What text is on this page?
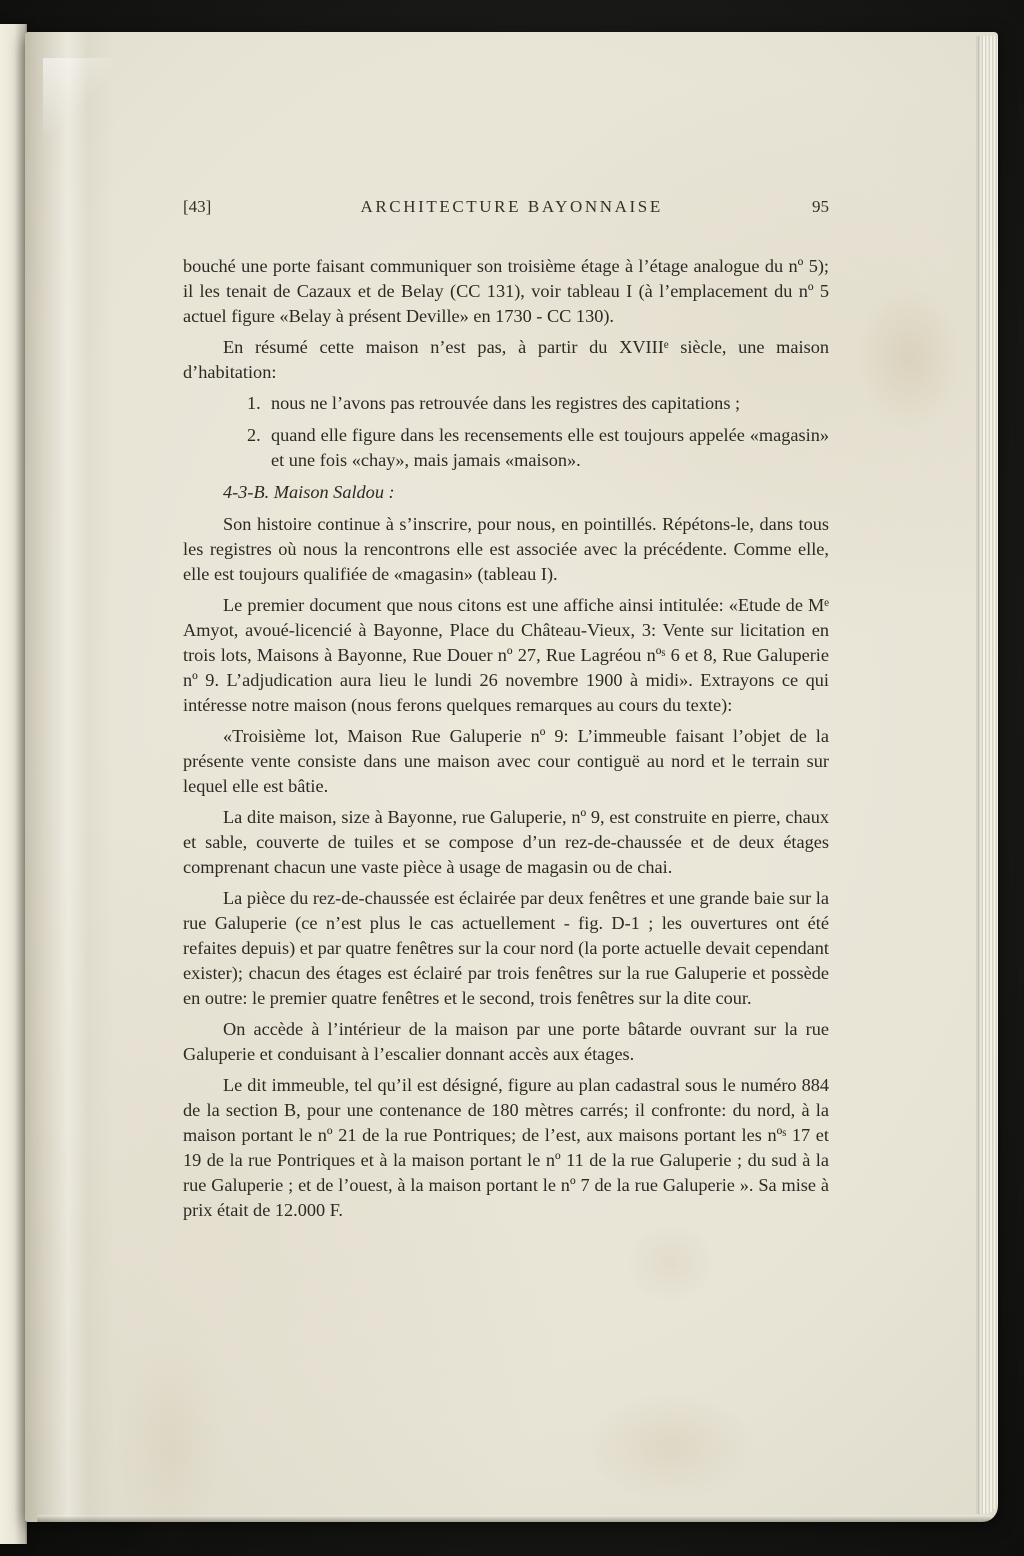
[43]	ARCHITECTURE BAYONNAISE	95

bouché une porte faisant communiquer son troisième étage à l’étage analogue du nº 5); il les tenait de Cazaux et de Belay (CC 131), voir tableau I (à l’emplacement du nº 5 actuel figure «Belay à présent Deville» en 1730 - CC 130).

En résumé cette maison n’est pas, à partir du XVIIIᵉ siècle, une maison d’habitation:

1. nous ne l’avons pas retrouvée dans les registres des capitations ;
2. quand elle figure dans les recensements elle est toujours appelée «magasin» et une fois «chay», mais jamais «maison».

4-3-B. Maison Saldou :

Son histoire continue à s’inscrire, pour nous, en pointillés. Répétons-le, dans tous les registres où nous la rencontrons elle est associée avec la précédente. Comme elle, elle est toujours qualifiée de «magasin» (tableau I).

Le premier document que nous citons est une affiche ainsi intitulée: «Etude de Mᵉ Amyot, avoué-licencié à Bayonne, Place du Château-Vieux, 3: Vente sur licitation en trois lots, Maisons à Bayonne, Rue Douer nº 27, Rue Lagréou nºˢ 6 et 8, Rue Galuperie nº 9. L’adjudication aura lieu le lundi 26 novembre 1900 à midi». Extrayons ce qui intéresse notre maison (nous ferons quelques remarques au cours du texte):

«Troisième lot, Maison Rue Galuperie nº 9: L’immeuble faisant l’objet de la présente vente consiste dans une maison avec cour contiguë au nord et le terrain sur lequel elle est bâtie.

La dite maison, size à Bayonne, rue Galuperie, nº 9, est construite en pierre, chaux et sable, couverte de tuiles et se compose d’un rez-de-chaussée et de deux étages comprenant chacun une vaste pièce à usage de magasin ou de chai.

La pièce du rez-de-chaussée est éclairée par deux fenêtres et une grande baie sur la rue Galuperie (ce n’est plus le cas actuellement - fig. D-1 ; les ouvertures ont été refaites depuis) et par quatre fenêtres sur la cour nord (la porte actuelle devait cependant exister); chacun des étages est éclairé par trois fenêtres sur la rue Galuperie et possède en outre: le premier quatre fenêtres et le second, trois fenêtres sur la dite cour.

On accède à l’intérieur de la maison par une porte bâtarde ouvrant sur la rue Galuperie et conduisant à l’escalier donnant accès aux étages.

Le dit immeuble, tel qu’il est désigné, figure au plan cadastral sous le numéro 884 de la section B, pour une contenance de 180 mètres carrés; il confronte: du nord, à la maison portant le nº 21 de la rue Pontriques; de l’est, aux maisons portant les nºˢ 17 et 19 de la rue Pontriques et à la maison portant le nº 11 de la rue Galuperie ; du sud à la rue Galuperie ; et de l’ouest, à la maison portant le nº 7 de la rue Galuperie ». Sa mise à prix était de 12.000 F.
